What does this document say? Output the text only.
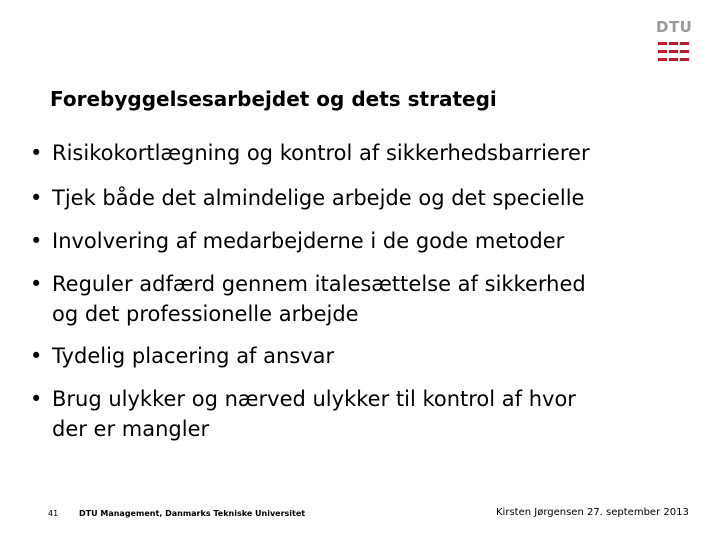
DTU
Forebyggelsesarbejdet og dets strategi
• Risikokortlægning og kontrol af sikkerhedsbarrierer
• Tjek både det almindelige arbejde og det specielle
• Involvering af medarbejderne i de gode metoder
• Reguler adfærd gennem italesættelse af sikkerhed
og det professionelle arbejde
• Tydelig placering af ansvar
• Brug ulykker og nærved ulykker til kontrol af hvor
der er mangler
41	DTU Management, Danmarks Tekniske Universitet	Kirsten Jørgensen 27. september 2013
